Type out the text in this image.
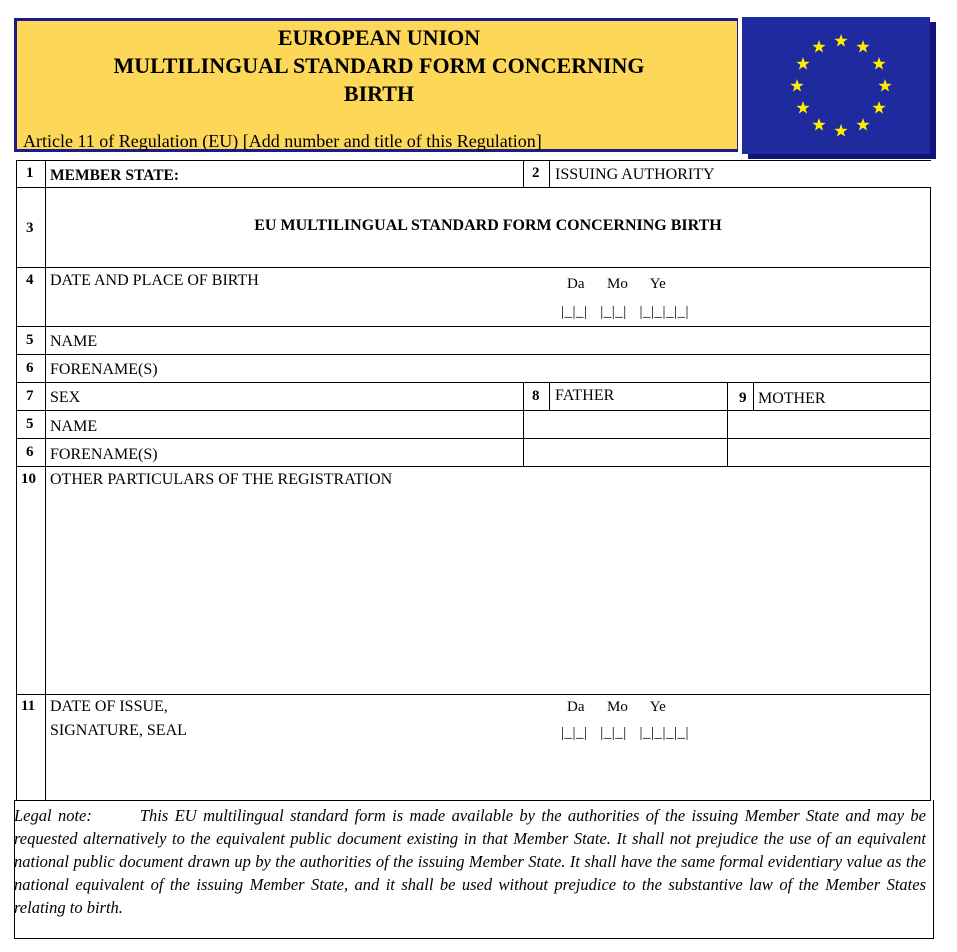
EUROPEAN UNION
MULTILINGUAL STANDARD FORM CONCERNING
BIRTH
Article 11 of Regulation (EU) [Add number and title of this Regulation]
1 MEMBER STATE:	2 ISSUING AUTHORITY
3	EU MULTILINGUAL STANDARD FORM CONCERNING BIRTH
4 DATE AND PLACE OF BIRTH	Da      Mo      Ye
|_|_|   |_|_|   |_|_|_|_|
5 NAME
6 FORENAME(S)
7 SEX	8 FATHER	9 MOTHER
5 NAME
6 FORENAME(S)
10 OTHER PARTICULARS OF THE REGISTRATION
11 DATE OF ISSUE,
SIGNATURE, SEAL
Da      Mo      Ye
|_|_|   |_|_|   |_|_|_|_|
Legal note:	This EU multilingual standard form is made available by the authorities of the issuing Member State and may be requested alternatively to the equivalent public document existing in that Member State. It shall not prejudice the use of an equivalent national public document drawn up by the authorities of the issuing Member State. It shall have the same formal evidentiary value as the national equivalent of the issuing Member State, and it shall be used without prejudice to the substantive law of the Member States relating to birth.
